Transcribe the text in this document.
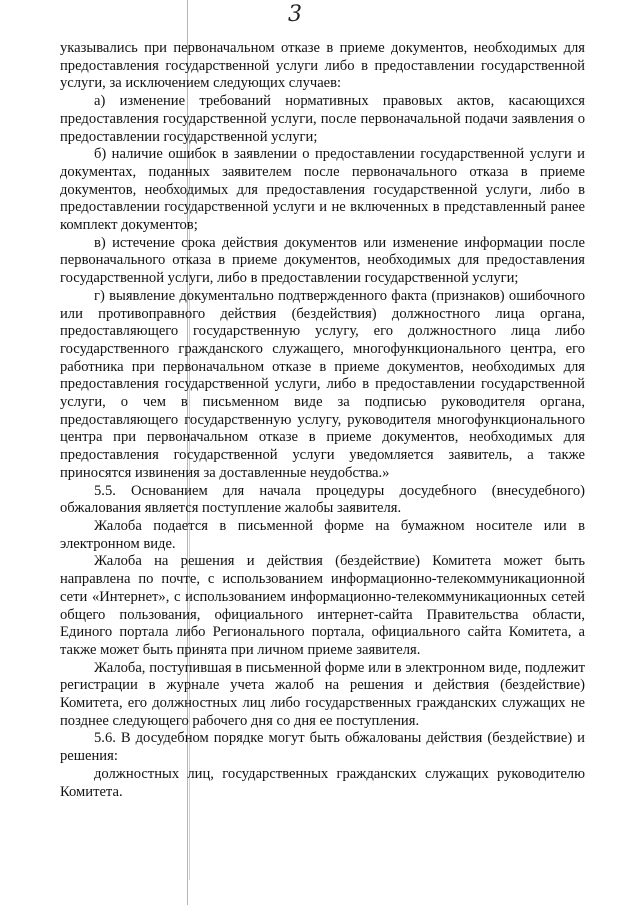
3

указывались при первоначальном отказе в приеме документов, необходимых для предоставления государственной услуги либо в предоставлении государственной услуги, за исключением следующих случаев:

а) изменение требований нормативных правовых актов, касающихся предоставления государственной услуги, после первоначальной подачи заявления о предоставлении государственной услуги;

б) наличие ошибок в заявлении о предоставлении государственной услуги и документах, поданных заявителем после первоначального отказа в приеме документов, необходимых для предоставления государственной услуги, либо в предоставлении государственной услуги и не включенных в представленный ранее комплект документов;

в) истечение срока действия документов или изменение информации после первоначального отказа в приеме документов, необходимых для предоставления государственной услуги, либо в предоставлении государственной услуги;

г) выявление документально подтвержденного факта (признаков) ошибочного или противоправного действия (бездействия) должностного лица органа, предоставляющего государственную услугу, его должностного лица либо государственного гражданского служащего, многофункционального центра, его работника при первоначальном отказе в приеме документов, необходимых для предоставления государственной услуги, либо в предоставлении государственной услуги, о чем в письменном виде за подписью руководителя органа, предоставляющего государственную услугу, руководителя многофункционального центра при первоначальном отказе в приеме документов, необходимых для предоставления государственной услуги уведомляется заявитель, а также приносятся извинения за доставленные неудобства.»

5.5. Основанием для начала процедуры досудебного (внесудебного) обжалования является поступление жалобы заявителя.

Жалоба подается в письменной форме на бумажном носителе или в электронном виде.

Жалоба на решения и действия (бездействие) Комитета может быть направлена по почте, с использованием информационно-телекоммуникационной сети «Интернет», с использованием информационно-телекоммуникационных сетей общего пользования, официального интернет-сайта Правительства области, Единого портала либо Регионального портала, официального сайта Комитета, а также может быть принята при личном приеме заявителя.

Жалоба, поступившая в письменной форме или в электронном виде, подлежит регистрации в журнале учета жалоб на решения и действия (бездействие) Комитета, его должностных лиц либо государственных гражданских служащих не позднее следующего рабочего дня со дня ее поступления.

5.6. В досудебном порядке могут быть обжалованы действия (бездействие) и решения:

должностных лиц, государственных гражданских служащих руководителю Комитета.
